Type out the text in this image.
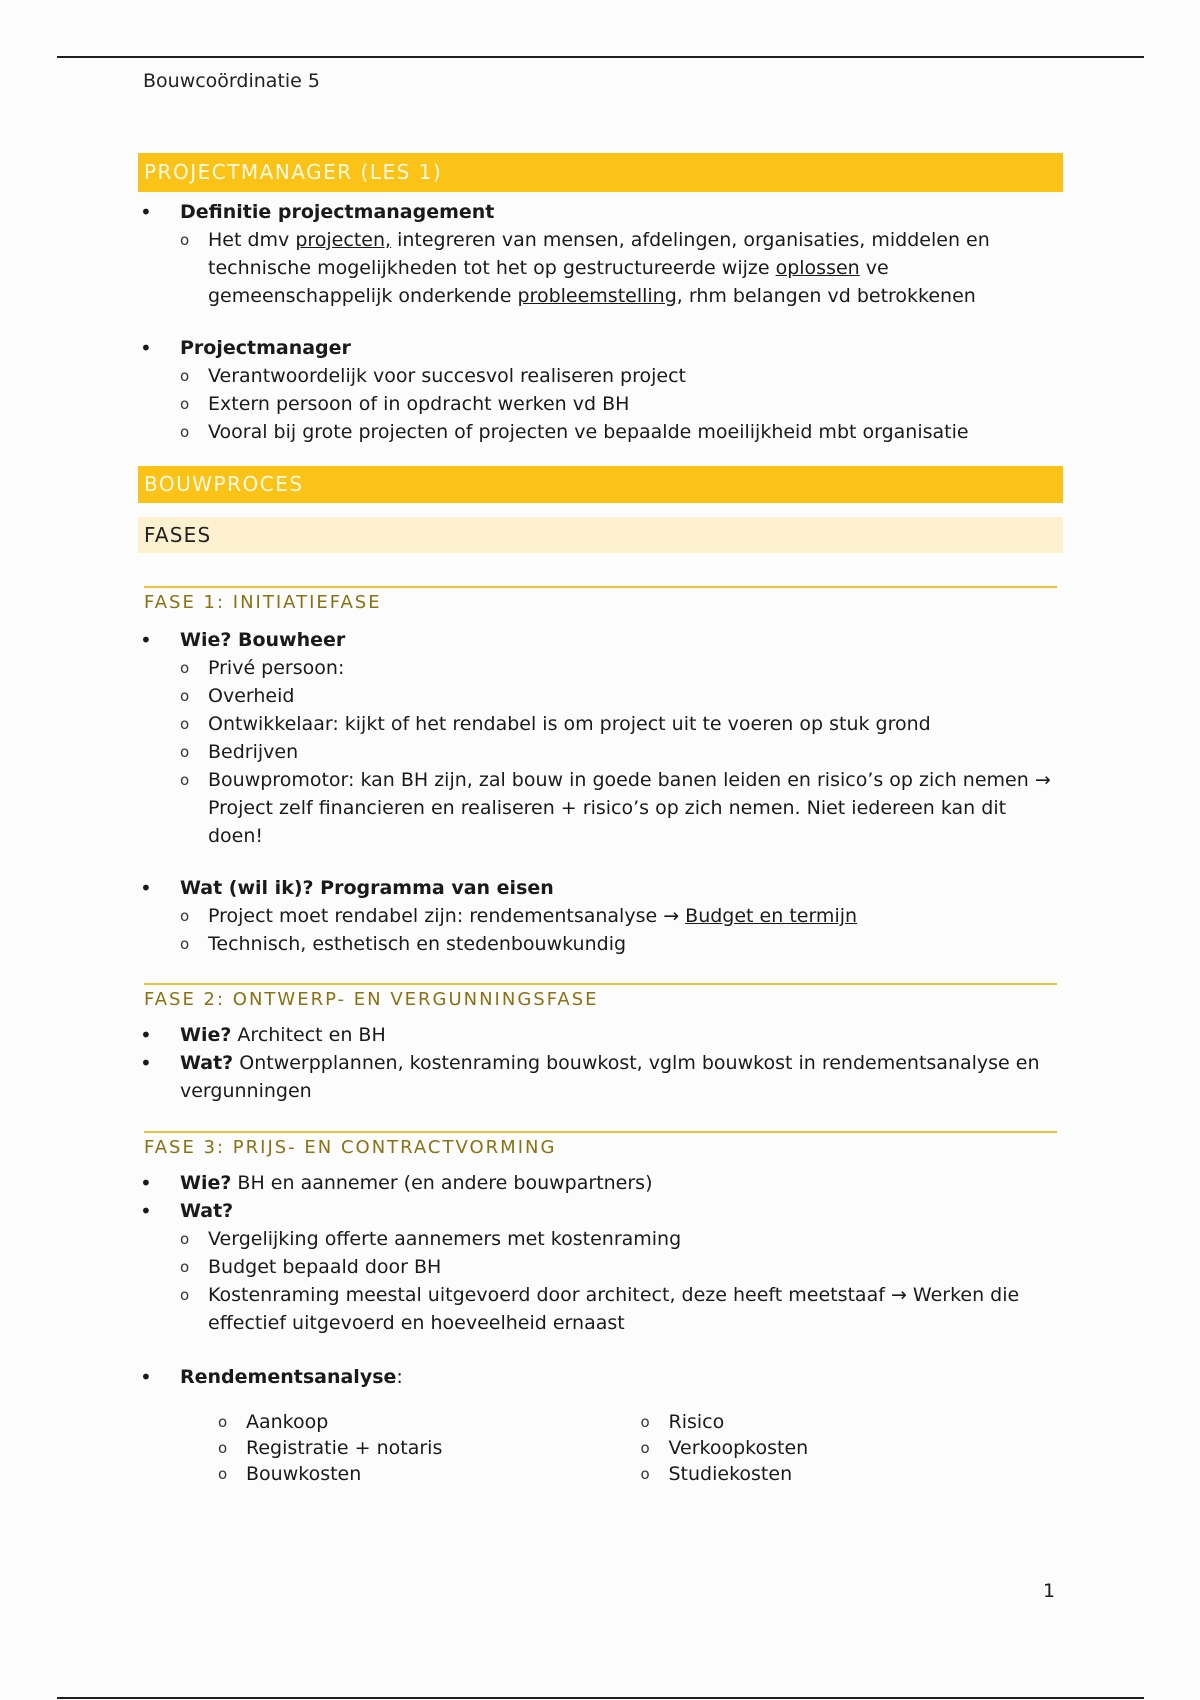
Bouwcoördinatie 5
PROJECTMANAGER (LES 1)
• Definitie projectmanagement
o Het dmv projecten, integreren van mensen, afdelingen, organisaties, middelen en technische mogelijkheden tot het op gestructureerde wijze oplossen ve gemeenschappelijk onderkende probleemstelling, rhm belangen vd betrokkenen
• Projectmanager
o Verantwoordelijk voor succesvol realiseren project
o Extern persoon of in opdracht werken vd BH
o Vooral bij grote projecten of projecten ve bepaalde moeilijkheid mbt organisatie
BOUWPROCES
FASES
FASE 1: INITIATIEFASE
• Wie? Bouwheer
o Privé persoon:
o Overheid
o Ontwikkelaar: kijkt of het rendabel is om project uit te voeren op stuk grond
o Bedrijven
o Bouwpromotor: kan BH zijn, zal bouw in goede banen leiden en risico’s op zich nemen → Project zelf financieren en realiseren + risico’s op zich nemen. Niet iedereen kan dit doen!
• Wat (wil ik)? Programma van eisen
o Project moet rendabel zijn: rendementsanalyse → Budget en termijn
o Technisch, esthetisch en stedenbouwkundig
FASE 2: ONTWERP- EN VERGUNNINGSFASE
• Wie? Architect en BH
• Wat? Ontwerpplannen, kostenraming bouwkost, vglm bouwkost in rendementsanalyse en vergunningen
FASE 3: PRIJS- EN CONTRACTVORMING
• Wie? BH en aannemer (en andere bouwpartners)
• Wat?
o Vergelijking offerte aannemers met kostenraming
o Budget bepaald door BH
o Kostenraming meestal uitgevoerd door architect, deze heeft meetstaaf → Werken die effectief uitgevoerd en hoeveelheid ernaast
• Rendementsanalyse:
o Aankoop
o Registratie + notaris
o Bouwkosten
o Risico
o Verkoopkosten
o Studiekosten
1
